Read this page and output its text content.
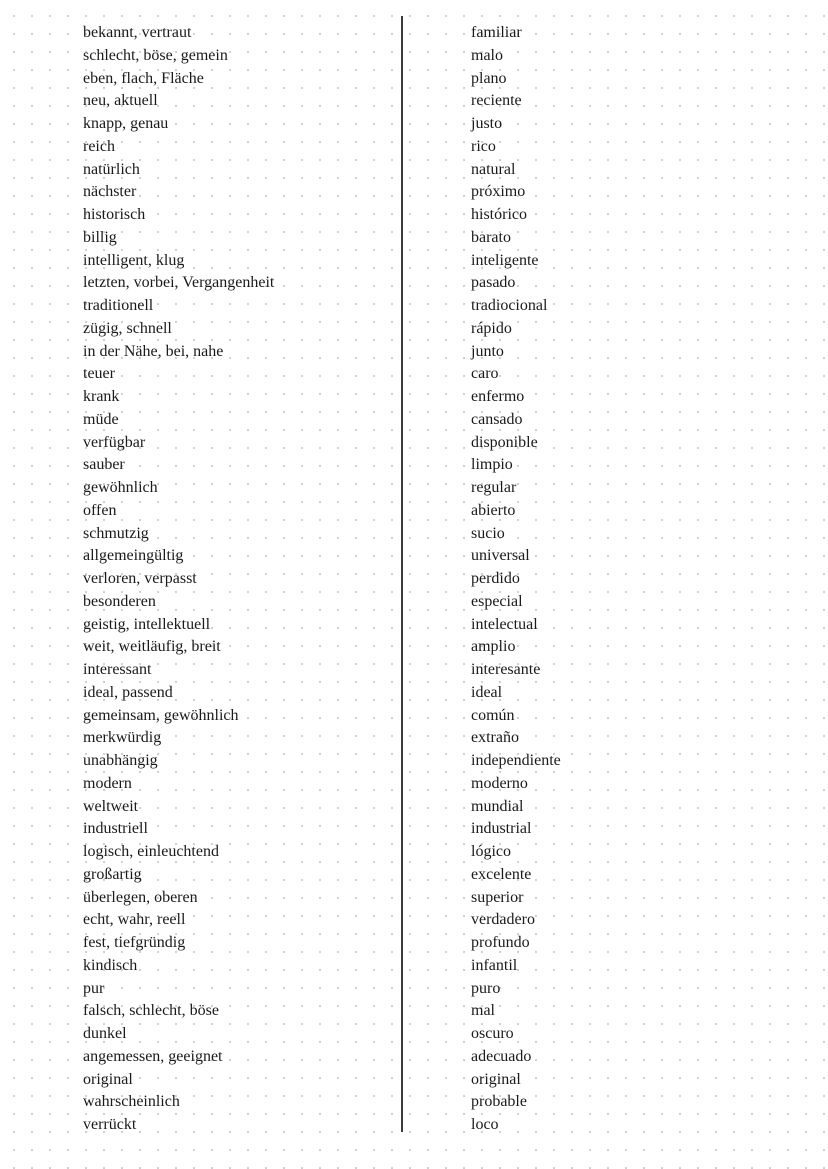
bekannt, vertraut
schlecht, böse, gemein
eben, flach, Fläche
neu, aktuell
knapp, genau
reich
natürlich
nächster
historisch
billig
intelligent, klug
letzten, vorbei, Vergangenheit
traditionell
zügig, schnell
in der Nähe, bei, nahe
teuer
krank
müde
verfügbar
sauber
gewöhnlich
offen
schmutzig
allgemeingültig
verloren, verpasst
besonderen
geistig, intellektuell
weit, weitläufig, breit
interessant
ideal, passend
gemeinsam, gewöhnlich
merkwürdig
unabhängig
modern
weltweit
industriell
logisch, einleuchtend
großartig
überlegen, oberen
echt, wahr, reell
fest, tiefgründig
kindisch
pur
falsch, schlecht, böse
dunkel
angemessen, geeignet
original
wahrscheinlich
verrückt
familiar
malo
plano
reciente
justo
rico
natural
próximo
histórico
barato
inteligente
pasado
tradiocional
rápido
junto
caro
enfermo
cansado
disponible
limpio
regular
abierto
sucio
universal
perdido
especial
intelectual
amplio
interesante
ideal
común
extraño
independiente
moderno
mundial
industrial
lógico
excelente
superior
verdadero
profundo
infantil
puro
mal
oscuro
adecuado
original
probable
loco
